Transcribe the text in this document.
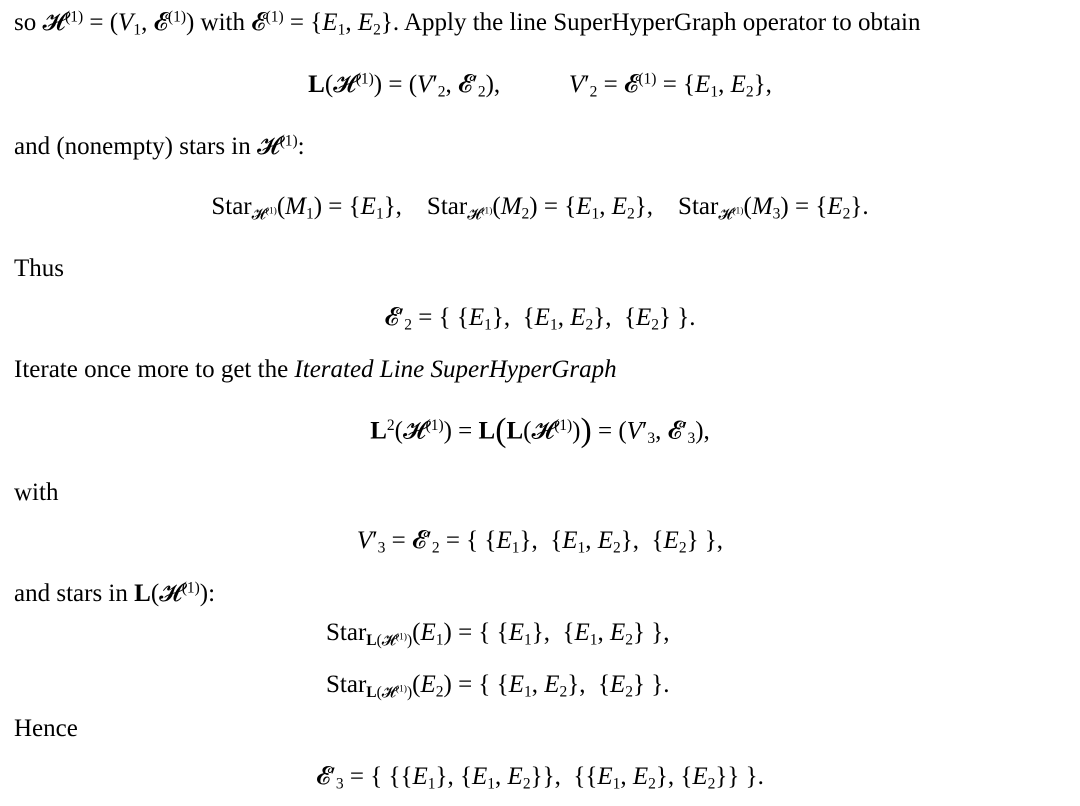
so 𝓗$^{(1)}$ = ($V_1$, 𝓔$^{(1)}$) with 𝓔$^{(1)}$ = {$E_1$, $E_2$}. Apply the line SuperHyperGraph operator to obtain
L(𝓗$^{(1)}$) = ($V'_2$, $𝓔'_2$),           $V'_2$ = 𝓔$^{(1)}$ = {$E_1$, $E_2$},
and (nonempty) stars in 𝓗$^{(1)}$:
$Star_{𝓗^{(1)}}(M_1) = \{E_1\}$,    $Star_{𝓗^{(1)}}(M_2) = \{E_1$, $E_2$},    $Star_{𝓗^{(1)}}(M_3) = \{E_2\}$.
Thus
$𝓔'_2$ = { $\{E_1\}$,  {$E_1$, $E_2$},  $\{E_2\}$ }.
Iterate once more to get the Iterated Line SuperHyperGraph
$L^2(𝓗^{(1)})$ = L(L(𝓗$^{(1)}$)) = ($V'_3$, $𝓔'_3$),
with
$V'_3$ = $𝓔'_2$ = { $\{E_1\}$,  {$E_1$, $E_2$},  $\{E_2\}$ },
and stars in L(𝓗$^{(1)}$):
$Star_{L(𝓗^{(1)})}(E_1)$ = { $\{E_1\}$,  {$E_1$, $E_2$} },
$Star_{L(𝓗^{(1)})}(E_2)$ = { {$E_1$, $E_2$},  $\{E_2\}$ }.
Hence
$𝓔'_3$ = { {$\{E_1\}$, {$E_1$, $E_2$}},  {{$E_1$, $E_2$}, $\{E_2\}$} }.
